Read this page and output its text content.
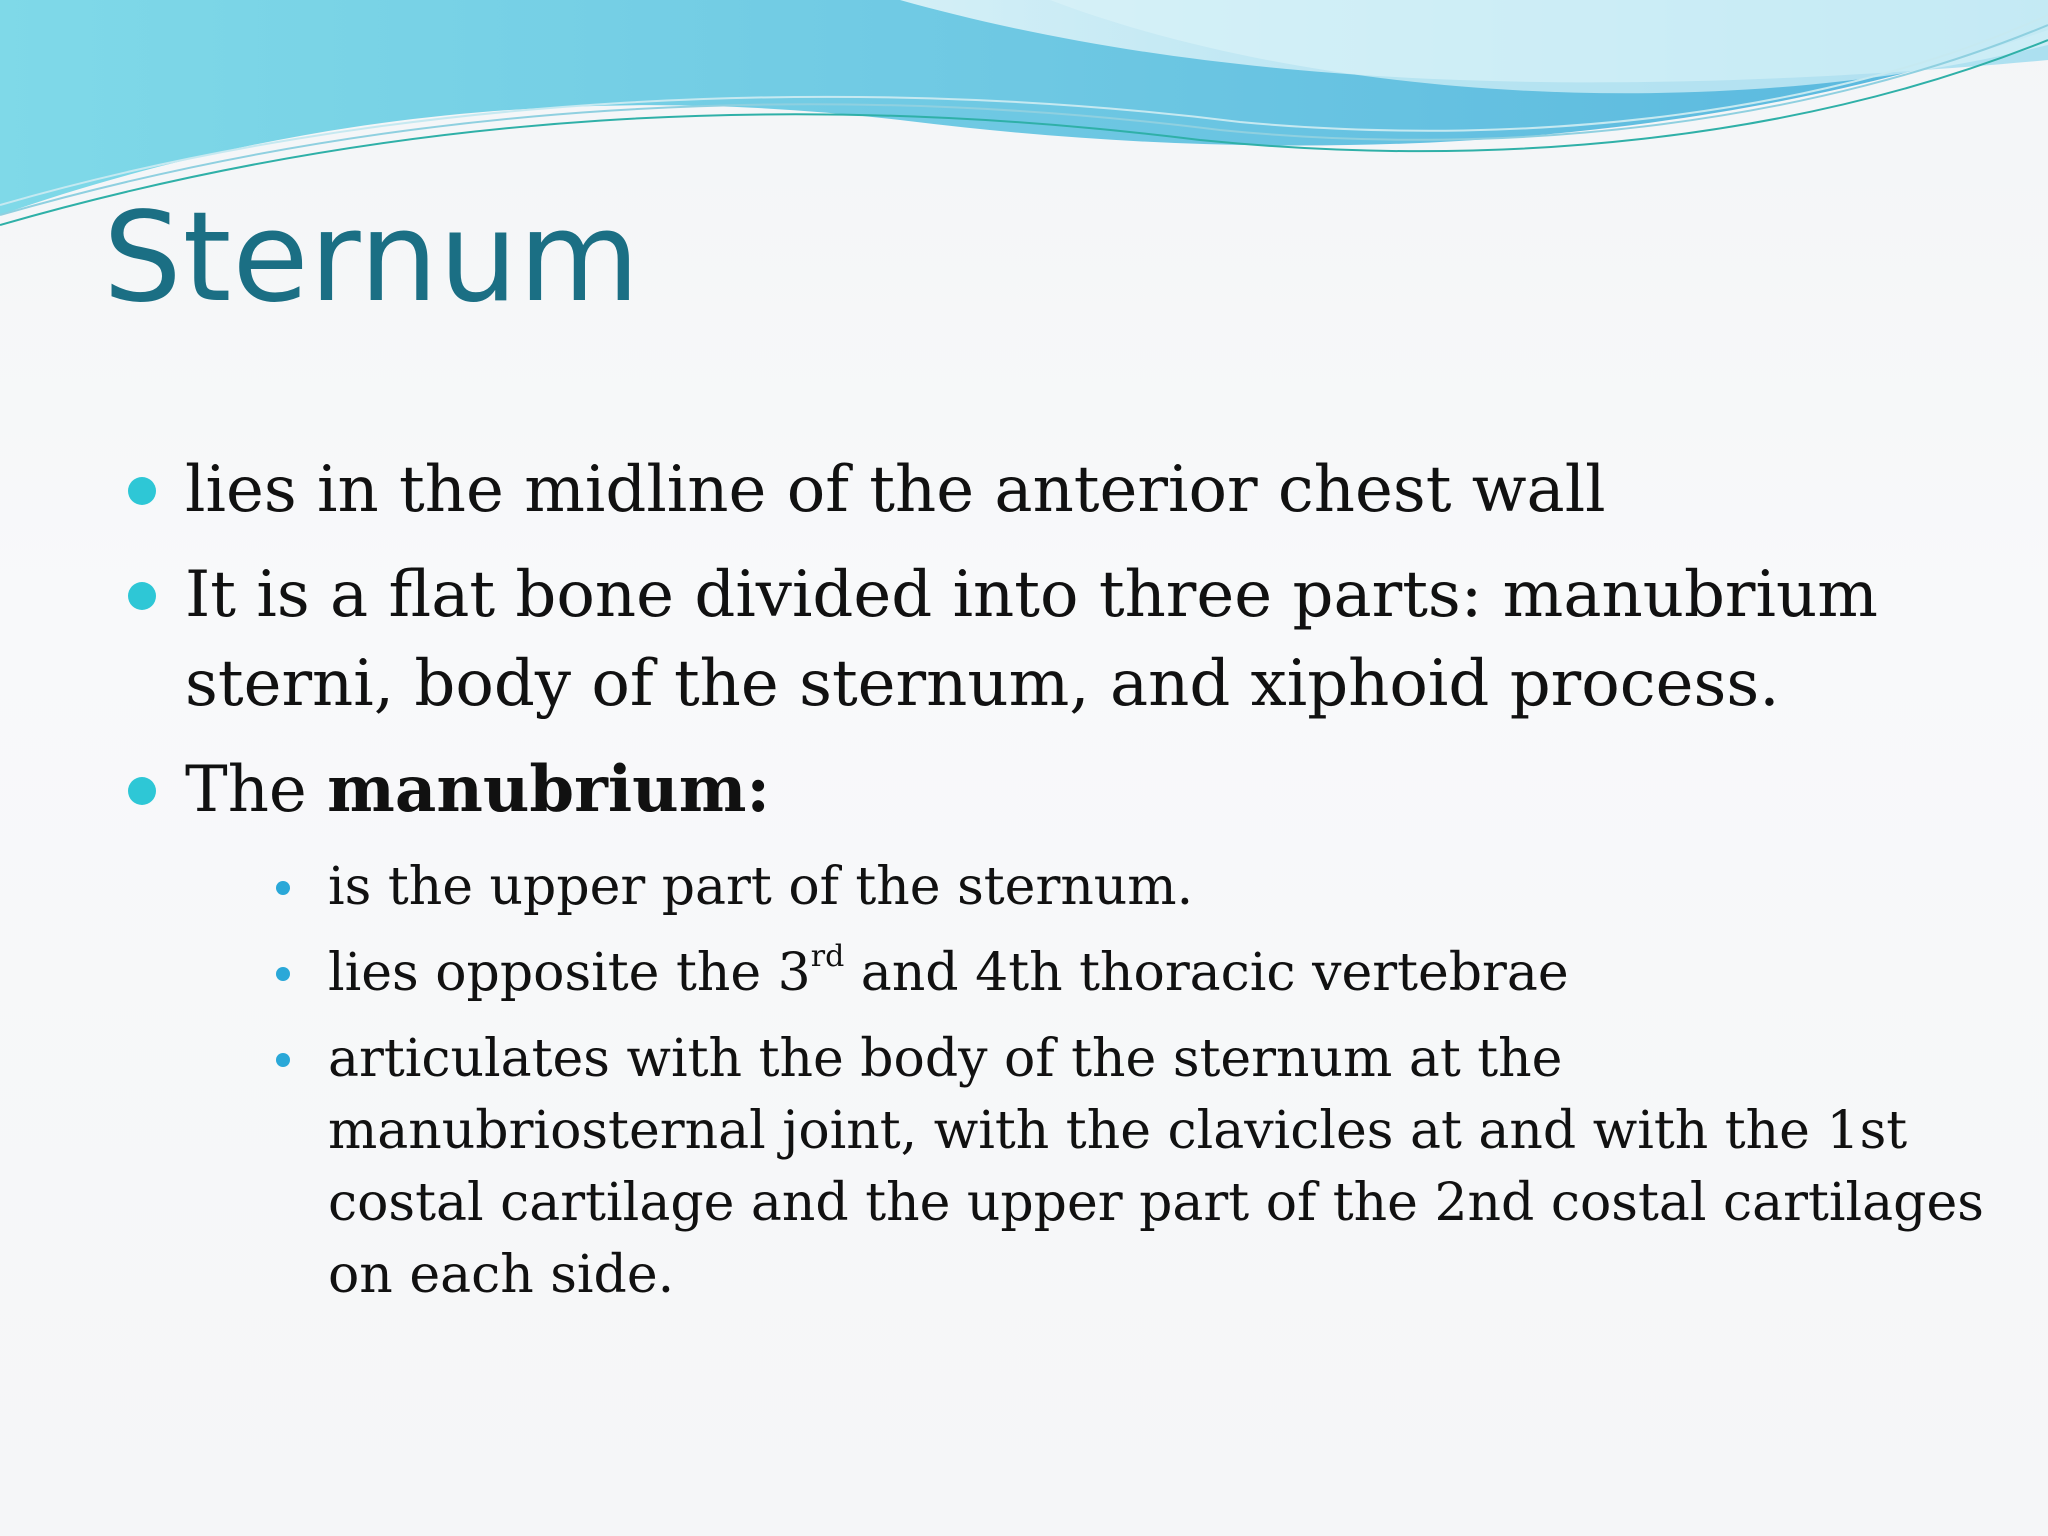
Sternum
lies in the midline of the anterior chest wall
It is a flat bone divided into three parts: manubrium
sterni, body of the sternum, and xiphoid process.
The manubrium:
is the upper part of the sternum.
lies opposite the 3rd and 4th thoracic vertebrae
articulates with the body of the sternum at the
manubriosternal joint, with the clavicles at and with the 1st
costal cartilage and the upper part of the 2nd costal cartilages
on each side.
